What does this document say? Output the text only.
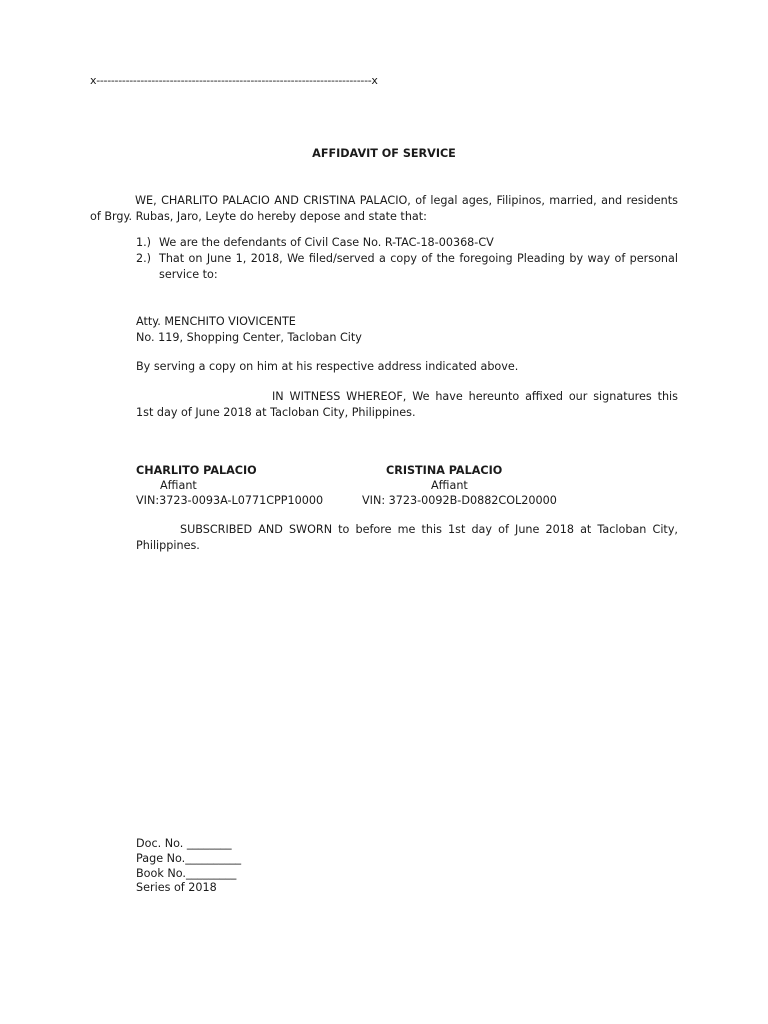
x---------------------------------------------------------------------------x
AFFIDAVIT OF SERVICE
WE, CHARLITO PALACIO AND CRISTINA PALACIO, of legal ages, Filipinos, married, and residents of Brgy. Rubas, Jaro, Leyte do hereby depose and state that:
1.) We are the defendants of Civil Case No. R-TAC-18-00368-CV
2.) That on June 1, 2018, We filed/served a copy of the foregoing Pleading by way of personal service to:
Atty. MENCHITO VIOVICENTE
No. 119, Shopping Center, Tacloban City
By serving a copy on him at his respective address indicated above.
IN WITNESS WHEREOF, We have hereunto affixed our signatures this 1st day of June 2018 at Tacloban City, Philippines.
CHARLITO PALACIO
Affiant
VIN:3723-0093A-L0771CPP10000
CRISTINA PALACIO
Affiant
VIN: 3723-0092B-D0882COL20000
SUBSCRIBED AND SWORN to before me this 1st day of June 2018 at Tacloban City, Philippines.
Doc. No. ________
Page No.__________
Book No._________
Series of 2018
